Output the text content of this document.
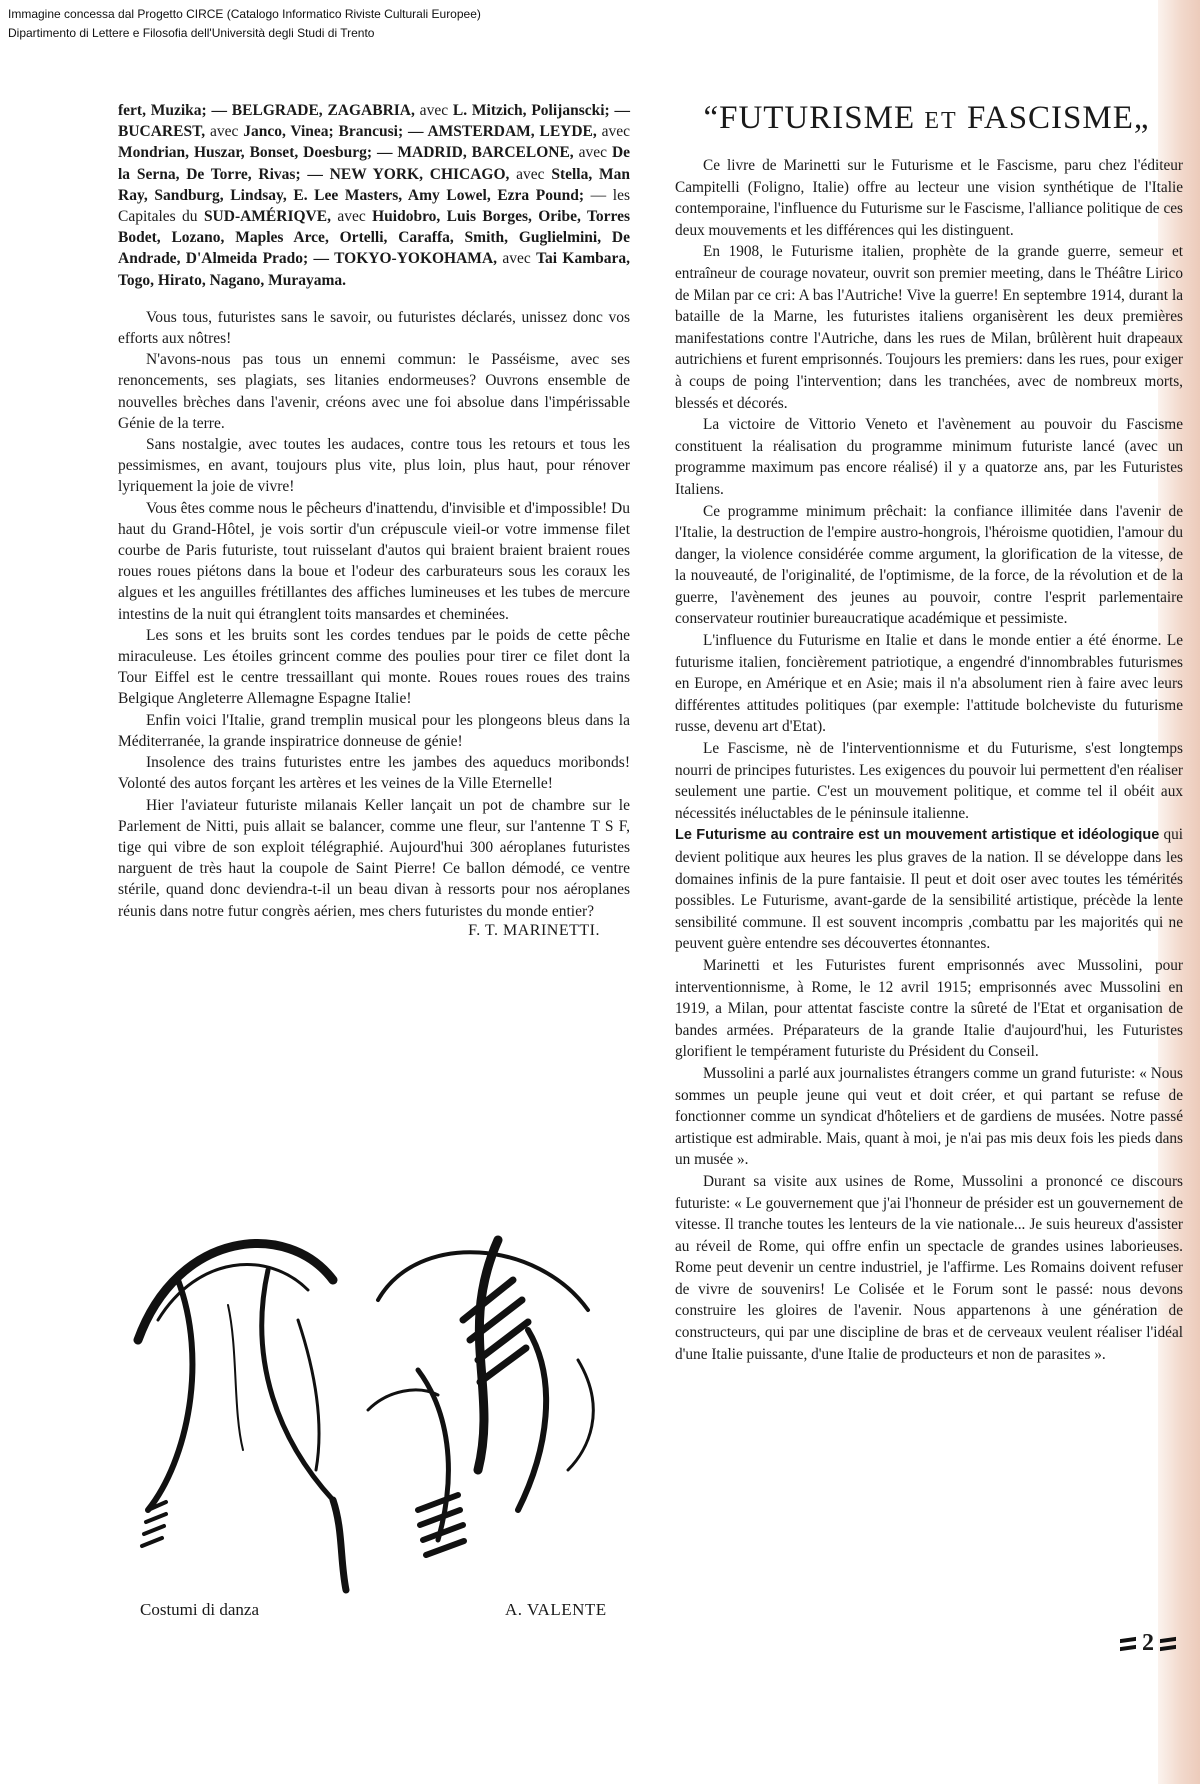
Immagine concessa dal Progetto CIRCE (Catalogo Informatico Riviste Culturali Europee)
Dipartimento di Lettere e Filosofia dell'Università degli Studi di Trento

fert, Muzika; — BELGRADE, ZAGABRIA, avec L. Mitzich, Polijanscki; — BUCAREST, avec Janco, Vinea; Brancusi; — AMSTERDAM, LEYDE, avec Mondrian, Huszar, Bonset, Doesburg; — MADRID, BARCELONE, avec De la Serna, De Torre, Rivas; — NEW YORK, CHICAGO, avec Stella, Man Ray, Sandburg, Lindsay, E. Lee Masters, Amy Lowel, Ezra Pound; — les Capitales du SUD-AMÉRIQVE, avec Huidobro, Luis Borges, Oribe, Torres Bodet, Lozano, Maples Arce, Ortelli, Caraffa, Smith, Guglielmini, De Andrade, D'Almeida Prado; — TOKYO-YOKOHAMA, avec Tai Kambara, Togo, Hirato, Nagano, Murayama.

Vous tous, futuristes sans le savoir, ou futuristes déclarés, unissez donc vos efforts aux nôtres!

N'avons-nous pas tous un ennemi commun: le Passéisme, avec ses renoncements, ses plagiats, ses litanies endormeuses? Ouvrons ensemble de nouvelles brèches dans l'avenir, créons avec une foi absolue dans l'impérissable Génie de la terre.

Sans nostalgie, avec toutes les audaces, contre tous les retours et tous les pessimismes, en avant, toujours plus vite, plus loin, plus haut, pour rénover lyriquement la joie de vivre!

Vous êtes comme nous le pêcheurs d'inattendu, d'invisible et d'impossible! Du haut du Grand-Hôtel, je vois sortir d'un crépuscule vieil-or votre immense filet courbe de Paris futuriste, tout ruisselant d'autos qui braient braient braient roues roues roues piétons dans la boue et l'odeur des carburateurs sous les coraux les algues et les anguilles frétillantes des affiches lumineuses et les tubes de mercure intestins de la nuit qui étranglent toits mansardes et cheminées.

Les sons et les bruits sont les cordes tendues par le poids de cette pêche miraculeuse. Les étoiles grincent comme des poulies pour tirer ce filet dont la Tour Eiffel est le centre tressaillant qui monte. Roues roues roues des trains Belgique Angleterre Allemagne Espagne Italie!

Enfin voici l'Italie, grand tremplin musical pour les plongeons bleus dans la Méditerranée, la grande inspiratrice donneuse de génie!

Insolence des trains futuristes entre les jambes des aqueducs moribonds! Volonté des autos forçant les artères et les veines de la Ville Eternelle!

Hier l'aviateur futuriste milanais Keller lançait un pot de chambre sur le Parlement de Nitti, puis allait se balancer, comme une fleur, sur l'antenne T S F, tige qui vibre de son exploit télégraphié. Aujourd'hui 300 aéroplanes futuristes narguent de très haut la coupole de Saint Pierre! Ce ballon démodé, ce ventre stérile, quand donc deviendra-t-il un beau divan à ressorts pour nos aéroplanes réunis dans notre futur congrès aérien, mes chers futuristes du monde entier?

F. T. MARINETTI.
Costumi di danza	A. VALENTE
“FUTURISME ET FASCISME„

Ce livre de Marinetti sur le Futurisme et le Fascisme, paru chez l'éditeur Campitelli (Foligno, Italie) offre au lecteur une vision synthétique de l'Italie contemporaine, l'influence du Futurisme sur le Fascisme, l'alliance politique de ces deux mouvements et les différences qui les distinguent.

En 1908, le Futurisme italien, prophète de la grande guerre, semeur et entraîneur de courage novateur, ouvrit son premier meeting, dans le Théâtre Lirico de Milan par ce cri: A bas l'Autriche! Vive la guerre! En septembre 1914, durant la bataille de la Marne, les futuristes italiens organisèrent les deux premières manifestations contre l'Autriche, dans les rues de Milan, brûlèrent huit drapeaux autrichiens et furent emprisonnés. Toujours les premiers: dans les rues, pour exiger à coups de poing l'intervention; dans les tranchées, avec de nombreux morts, blessés et décorés.

La victoire de Vittorio Veneto et l'avènement au pouvoir du Fascisme constituent la réalisation du programme minimum futuriste lancé (avec un programme maximum pas encore réalisé) il y a quatorze ans, par les Futuristes Italiens.

Ce programme minimum prêchait: la confiance illimitée dans l'avenir de l'Italie, la destruction de l'empire austro-hongrois, l'héroisme quotidien, l'amour du danger, la violence considérée comme argument, la glorification de la vitesse, de la nouveauté, de l'originalité, de l'optimisme, de la force, de la révolution et de la guerre, l'avènement des jeunes au pouvoir, contre l'esprit parlementaire conservateur routinier bureaucratique académique et pessimiste.

L'influence du Futurisme en Italie et dans le monde entier a été énorme. Le futurisme italien, foncièrement patriotique, a engendré d'innombrables futurismes en Europe, en Amérique et en Asie; mais il n'a absolument rien à faire avec leurs différentes attitudes politiques (par exemple: l'attitude bolcheviste du futurisme russe, devenu art d'Etat).

Le Fascisme, nè de l'interventionnisme et du Futurisme, s'est longtemps nourri de principes futuristes. Les exigences du pouvoir lui permettent d'en réaliser seulement une partie. C'est un mouvement politique, et comme tel il obéit aux nécessités inéluctables de le péninsule italienne.

Le Futurisme au contraire est un mouvement artistique et idéologique qui devient politique aux heures les plus graves de la nation. Il se développe dans les domaines infinis de la pure fantaisie. Il peut et doit oser avec toutes les témérités possibles. Le Futurisme, avant-garde de la sensibilité artistique, précède la lente sensibilité commune. Il est souvent incompris ,combattu par les majorités qui ne peuvent guère entendre ses découvertes étonnantes.

Marinetti et les Futuristes furent emprisonnés avec Mussolini, pour interventionnisme, à Rome, le 12 avril 1915; emprisonnés avec Mussolini en 1919, a Milan, pour attentat fasciste contre la sûreté de l'Etat et organisation de bandes armées. Préparateurs de la grande Italie d'aujourd'hui, les Futuristes glorifient le tempérament futuriste du Président du Conseil.

Mussolini a parlé aux journalistes étrangers comme un grand futuriste: « Nous sommes un peuple jeune qui veut et doit créer, et qui partant se refuse de fonctionner comme un syndicat d'hôteliers et de gardiens de musées. Notre passé artistique est admirable. Mais, quant à moi, je n'ai pas mis deux fois les pieds dans un musée ».

Durant sa visite aux usines de Rome, Mussolini a prononcé ce discours futuriste: « Le gouvernement que j'ai l'honneur de présider est un gouvernement de vitesse. Il tranche toutes les lenteurs de la vie nationale... Je suis heureux d'assister au réveil de Rome, qui offre enfin un spectacle de grandes usines laborieuses. Rome peut devenir un centre industriel, je l'affirme. Les Romains doivent refuser de vivre de souvenirs! Le Colisée et le Forum sont le passé: nous devons construire les gloires de l'avenir. Nous appartenons à une génération de constructeurs, qui par une discipline de bras et de cerveaux veulent réaliser l'idéal d'une Italie puissante, d'une Italie de producteurs et non de parasites ».

2
